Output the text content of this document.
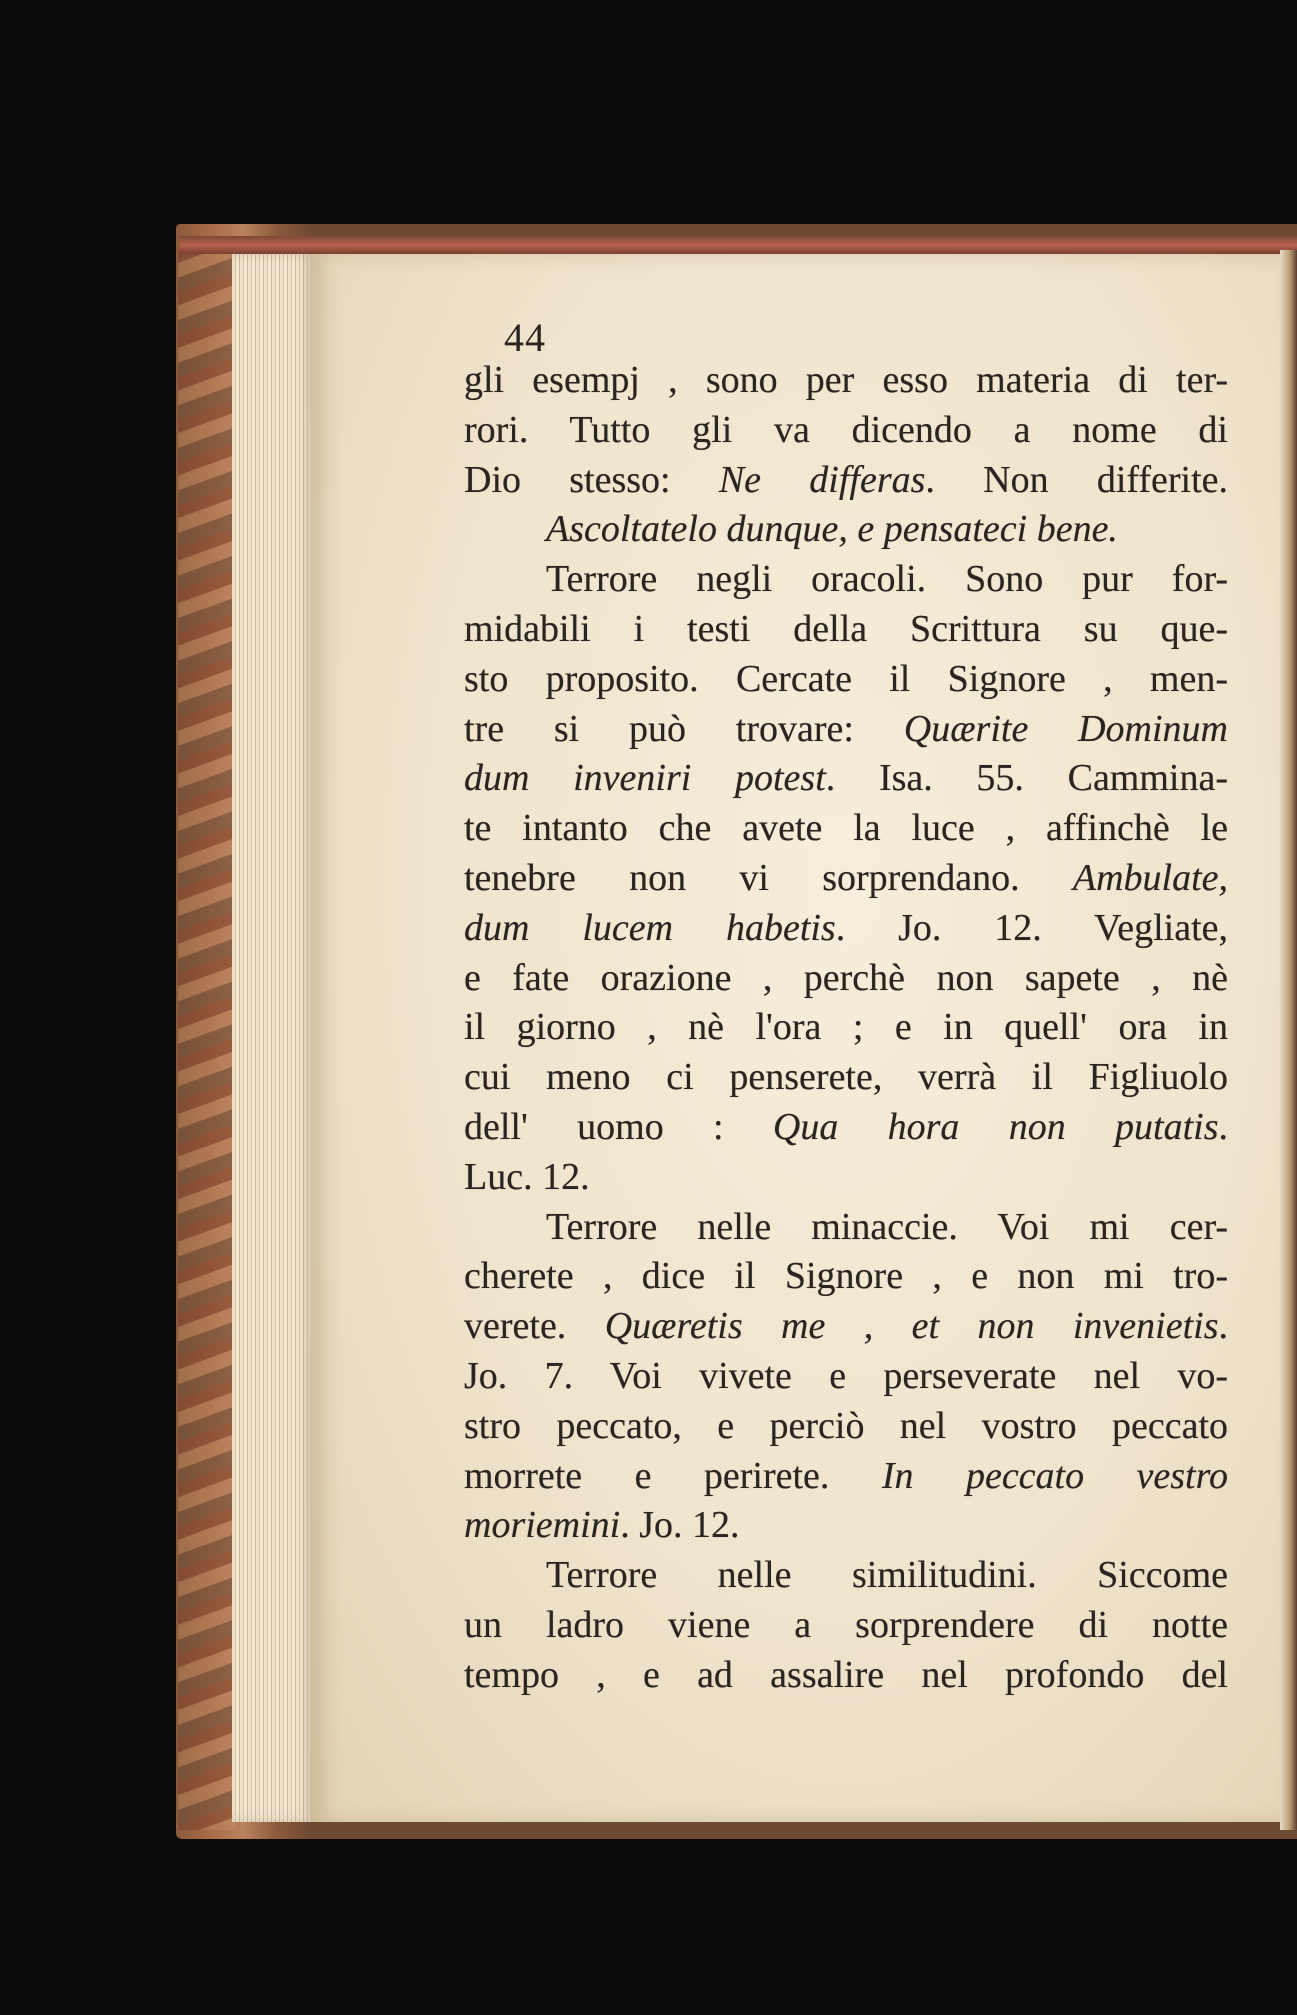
44
gli esempj , sono per esso materia di ter-
rori. Tutto gli va dicendo a nome di
Dio stesso: Ne differas. Non differite.
Ascoltatelo dunque, e pensateci bene.
Terrore negli oracoli. Sono pur for-
midabili i testi della Scrittura su que-
sto proposito. Cercate il Signore , men-
tre si può trovare: Quærite Dominum
dum inveniri potest. Isa. 55. Cammina-
te intanto che avete la luce , affinchè le
tenebre non vi sorprendano. Ambulate,
dum lucem habetis. Jo. 12. Vegliate,
e fate orazione , perchè non sapete , nè
il giorno , nè l'ora ; e in quell' ora in
cui meno ci penserete, verrà il Figliuolo
dell' uomo : Qua hora non putatis.
Luc. 12.
Terrore nelle minaccie. Voi mi cer-
cherete , dice il Signore , e non mi tro-
verete. Quæretis me , et non invenietis.
Jo. 7. Voi vivete e perseverate nel vo-
stro peccato, e perciò nel vostro peccato
morrete e perirete. In peccato vestro
moriemini. Jo. 12.
Terrore nelle similitudini. Siccome
un ladro viene a sorprendere di notte
tempo , e ad assalire nel profondo del
